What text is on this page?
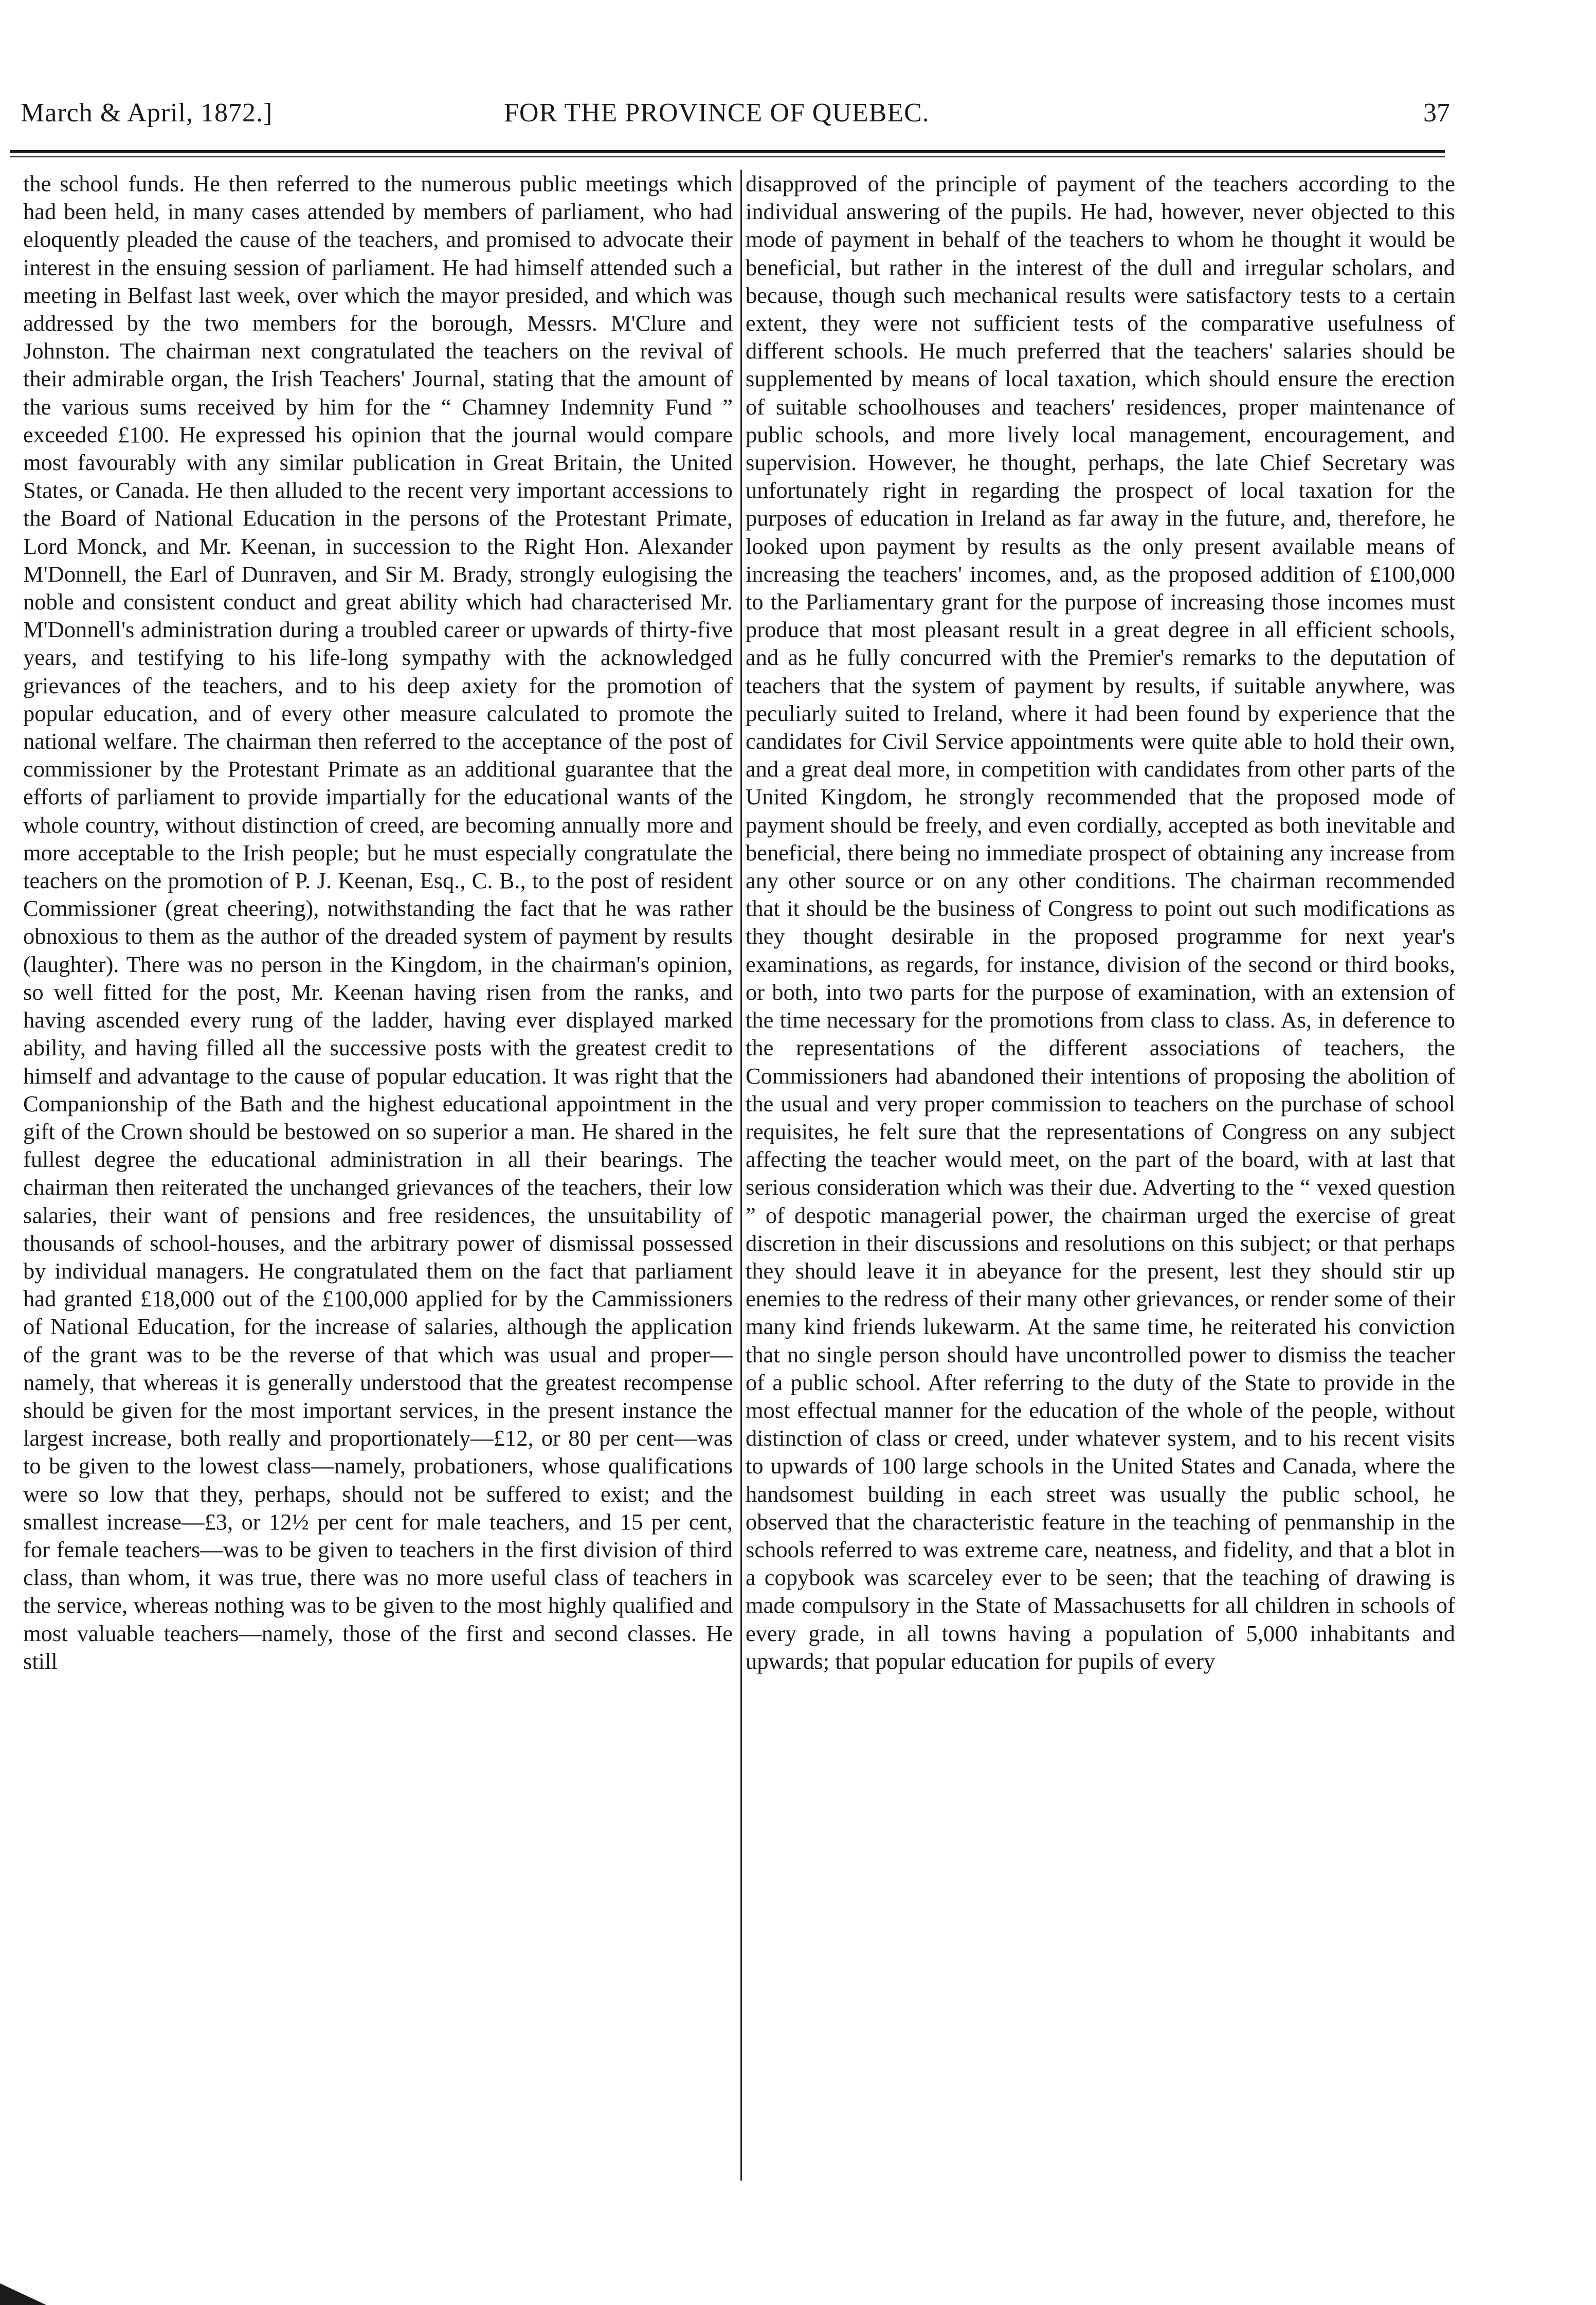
March & April, 1872.]	FOR THE PROVINCE OF QUEBEC.	37

the school funds. He then referred to the numerous public meetings which had been held, in many cases attended by members of parliament, who had eloquently pleaded the cause of the teachers, and promised to advocate their interest in the ensuing session of parliament. He had himself attended such a meeting in Belfast last week, over which the mayor presided, and which was addressed by the two members for the borough, Messrs. M'Clure and Johnston. The chairman next congratulated the teachers on the revival of their admirable organ, the Irish Teachers' Journal, stating that the amount of the various sums received by him for the “ Chamney Indemnity Fund ” exceeded £100. He expressed his opinion that the journal would compare most favourably with any similar publication in Great Britain, the United States, or Canada. He then alluded to the recent very important accessions to the Board of National Education in the persons of the Protestant Primate, Lord Monck, and Mr. Keenan, in succession to the Right Hon. Alexander M'Donnell, the Earl of Dunraven, and Sir M. Brady, strongly eulogising the noble and consistent conduct and great ability which had characterised Mr. M'Donnell's administration during a troubled career or upwards of thirty-five years, and testifying to his life-long sympathy with the acknowledged grievances of the teachers, and to his deep axiety for the promotion of popular education, and of every other measure calculated to promote the national welfare. The chairman then referred to the acceptance of the post of commissioner by the Protestant Primate as an additional guarantee that the efforts of parliament to provide impartially for the educational wants of the whole country, without distinction of creed, are becoming annually more and more acceptable to the Irish people; but he must especially congratulate the teachers on the promotion of P. J. Keenan, Esq., C. B., to the post of resident Commissioner (great cheering), notwithstanding the fact that he was rather obnoxious to them as the author of the dreaded system of payment by results (laughter). There was no person in the Kingdom, in the chairman's opinion, so well fitted for the post, Mr. Keenan having risen from the ranks, and having ascended every rung of the ladder, having ever displayed marked ability, and having filled all the successive posts with the greatest credit to himself and advantage to the cause of popular education. It was right that the Companionship of the Bath and the highest educational appointment in the gift of the Crown should be bestowed on so superior a man. He shared in the fullest degree the educational administration in all their bearings. The chairman then reiterated the unchanged grievances of the teachers, their low salaries, their want of pensions and free residences, the unsuitability of thousands of school-houses, and the arbitrary power of dismissal possessed by individual managers. He congratulated them on the fact that parliament had granted £18,000 out of the £100,000 applied for by the Cammissioners of National Education, for the increase of salaries, although the application of the grant was to be the reverse of that which was usual and proper—namely, that whereas it is generally understood that the greatest recompense should be given for the most important services, in the present instance the largest increase, both really and proportionately—£12, or 80 per cent—was to be given to the lowest class—namely, probationers, whose qualifications were so low that they, perhaps, should not be suffered to exist; and the smallest increase—£3, or 12½ per cent for male teachers, and 15 per cent, for female teachers—was to be given to teachers in the first division of third class, than whom, it was true, there was no more useful class of teachers in the service, whereas nothing was to be given to the most highly qualified and most valuable teachers—namely, those of the first and second classes. He still

disapproved of the principle of payment of the teachers according to the individual answering of the pupils. He had, however, never objected to this mode of payment in behalf of the teachers to whom he thought it would be beneficial, but rather in the interest of the dull and irregular scholars, and because, though such mechanical results were satisfactory tests to a certain extent, they were not sufficient tests of the comparative usefulness of different schools. He much preferred that the teachers' salaries should be supplemented by means of local taxation, which should ensure the erection of suitable schoolhouses and teachers' residences, proper maintenance of public schools, and more lively local management, encouragement, and supervision. However, he thought, perhaps, the late Chief Secretary was unfortunately right in regarding the prospect of local taxation for the purposes of education in Ireland as far away in the future, and, therefore, he looked upon payment by results as the only present available means of increasing the teachers' incomes, and, as the proposed addition of £100,000 to the Parliamentary grant for the purpose of increasing those incomes must produce that most pleasant result in a great degree in all efficient schools, and as he fully concurred with the Premier's remarks to the deputation of teachers that the system of payment by results, if suitable anywhere, was peculiarly suited to Ireland, where it had been found by experience that the candidates for Civil Service appointments were quite able to hold their own, and a great deal more, in competition with candidates from other parts of the United Kingdom, he strongly recommended that the proposed mode of payment should be freely, and even cordially, accepted as both inevitable and beneficial, there being no immediate prospect of obtaining any increase from any other source or on any other conditions. The chairman recommended that it should be the business of Congress to point out such modifications as they thought desirable in the proposed programme for next year's examinations, as regards, for instance, division of the second or third books, or both, into two parts for the purpose of examination, with an extension of the time necessary for the promotions from class to class. As, in deference to the representations of the different associations of teachers, the Commissioners had abandoned their intentions of proposing the abolition of the usual and very proper commission to teachers on the purchase of school requisites, he felt sure that the representations of Congress on any subject affecting the teacher would meet, on the part of the board, with at last that serious consideration which was their due. Adverting to the “ vexed question ” of despotic managerial power, the chairman urged the exercise of great discretion in their discussions and resolutions on this subject; or that perhaps they should leave it in abeyance for the present, lest they should stir up enemies to the redress of their many other grievances, or render some of their many kind friends lukewarm. At the same time, he reiterated his conviction that no single person should have uncontrolled power to dismiss the teacher of a public school. After referring to the duty of the State to provide in the most effectual manner for the education of the whole of the people, without distinction of class or creed, under whatever system, and to his recent visits to upwards of 100 large schools in the United States and Canada, where the handsomest building in each street was usually the public school, he observed that the characteristic feature in the teaching of penmanship in the schools referred to was extreme care, neatness, and fidelity, and that a blot in a copybook was scarceley ever to be seen; that the teaching of drawing is made compulsory in the State of Massachusetts for all children in schools of every grade, in all towns having a population of 5,000 inhabitants and upwards; that popular education for pupils of every
